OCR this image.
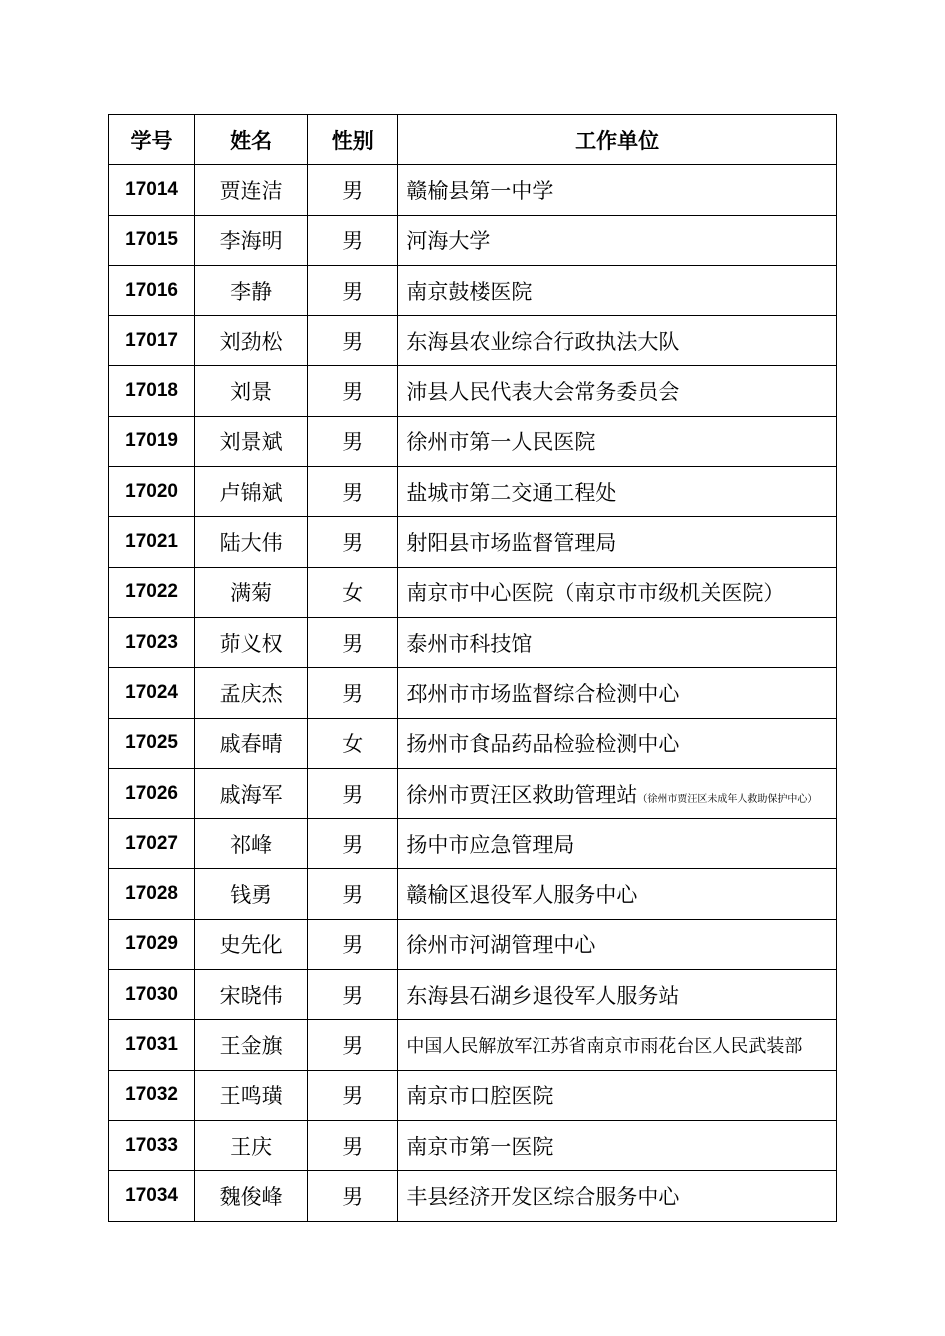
学号	姓名	性别	工作单位
17014	贾连洁	男	赣榆县第一中学
17015	李海明	男	河海大学
17016	李静	男	南京鼓楼医院
17017	刘劲松	男	东海县农业综合行政执法大队
17018	刘景	男	沛县人民代表大会常务委员会
17019	刘景斌	男	徐州市第一人民医院
17020	卢锦斌	男	盐城市第二交通工程处
17021	陆大伟	男	射阳县市场监督管理局
17022	满菊	女	南京市中心医院（南京市市级机关医院）
17023	茆义权	男	泰州市科技馆
17024	孟庆杰	男	邳州市市场监督综合检测中心
17025	戚春晴	女	扬州市食品药品检验检测中心
17026	戚海军	男	徐州市贾汪区救助管理站（徐州市贾汪区未成年人救助保护中心）
17027	祁峰	男	扬中市应急管理局
17028	钱勇	男	赣榆区退役军人服务中心
17029	史先化	男	徐州市河湖管理中心
17030	宋晓伟	男	东海县石湖乡退役军人服务站
17031	王金旗	男	中国人民解放军江苏省南京市雨花台区人民武装部
17032	王鸣璜	男	南京市口腔医院
17033	王庆	男	南京市第一医院
17034	魏俊峰	男	丰县经济开发区综合服务中心
